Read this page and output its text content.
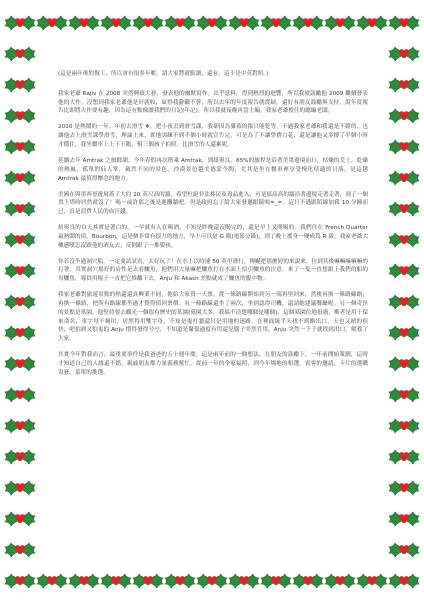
(這是兩年後的復工，所以會有很多年暱，請大家將就點讀，還有，這不是中英對照。)

我家老爺 Rajiv 在 2008 突然興致大發，發表他的幽默寫作。出乎意料，得到熱烈的迴響，所以我就鼓勵他 2009 繼續發表他的大作。沒想到我家老爺他是好就收，氣得我辭職不幹，所以去年的年度報告就從缺。還好有朋友鼓勵與支持，說年度報告比即將大作要有趣，因為這有點像讀我們的日記(年記)，所以我就夜晚再當主編，我家老爺擔任的總編老闆。

2010 是熱鬧的一年。年初去滑雪 ❄，把小孩丟到滑雪課，我卻因為膝蓋的傷只能乾等。不過我家老爺和我還是不錯的，也讓他去上滑雪課學滑雪，理論上來，實地訓練不到半個小時就宣告完。可是為了不讓學費白花，還是讓他又多撐了半個小時才穩住，我坐纜車上上下下跑，幫三個孩子拍照，比滑雪的人還累呢。

延續去年 Amtrak 之旅餘韻，今年春假再次搭乘 Amtrak，到紐奧良。85%的旅程是沿著美墨邊境而行，枯燥的荒土，乾燥的熱風，孤單的仙人掌，載然不同的景色。沙漠景色越美德蒙今陶，尤其是坐在餐車裡享受慢化恬適的日落，是這趟 Amtrak 最值得懷念的地方。

美國在與墨西哥邊境蓋了大約 20 英尺高的牆，希望杜絕非法移民及毒品進入，可是那高高的牆沿著邊境走著走著，到了一個置上塔時居然就沒了！喝～或許那之後是進攤牆吧，但是政府忘了給大家發邀眼鏡嗎=_=。這只不過跟陌線加我 10 分鐘而已，真是浪費人民的血汗錢。

紐奧良的白天其實是著白的，一早就有人在喝酒，不知是昨晚還沒喝完的，還是早上又開喝的。我們住在 French Quarter 最熱鬧的街，Bourbon，這是個非常有很力的地方，早上可以是 G 級(電影分級)，到了晚上搖身一變成爲 R 級。我家老爺大概感嘆怎沒跟他的酒友去，反倒跟了一堆嬰孩。

你若沒坐過洞穴船，一定要試試看，太好玩了！在水上以時速 50 英里滑行，傳颳把那麼婷的來說來，拉到其後嘛嘛嘛嘛嘛的打著。其實洞穴船好的肩性是去看鱷魚，他們用大量嘛把鱷魚打在水面上招引鱷魚的注意，來了一隻一直想跟上我們的船的母鱷魚，導員用棍子一直把它推離下去，Anju 和 Akash 差點就成了鱷魚的腹中物。

我家老爺對旅遊景點的熱還還真興業不同，他給大家買一天票，從一條路線開始到另一端再里回來，然後再換一條路線路，再換一條路，把所有路線都坐過才覺得值回票價。有一條路線還坐了兩次，坐到認得司機，還請她建議餐廳呢。另一個奇怪的景點是墓園，他堅持要去觀光一個很有歷史的墓園(墓園大多，我搞不清楚哪個是哪個)，這個墓園位地很廣，衝者是用于保來命名，車字母不夠用，居然得用雙字母，不知是鬼打牆還只是用地的迷路，在裡面繞半天找不到路出口，天也又晴的很快，吧拍到又怕鬼的 Anju 揹得發得兮兮，不知道是緊張過度有用還是腦子突然管用，Anju 突然一下子就找到出口，解救了大家。

其實今年對我而言，最重要事件是我爸爸的五十週年慶，這是兩年前的一個想法，在朋友的鼓勵下，一年前開始策劃，這時才知道自己的人緣還不錯，親戚朋友都力量義務幫忙，從前一年的全家福照，到今年場地的租選，賓客的邀請，卡片的選購寄發，菜單的挑選，
